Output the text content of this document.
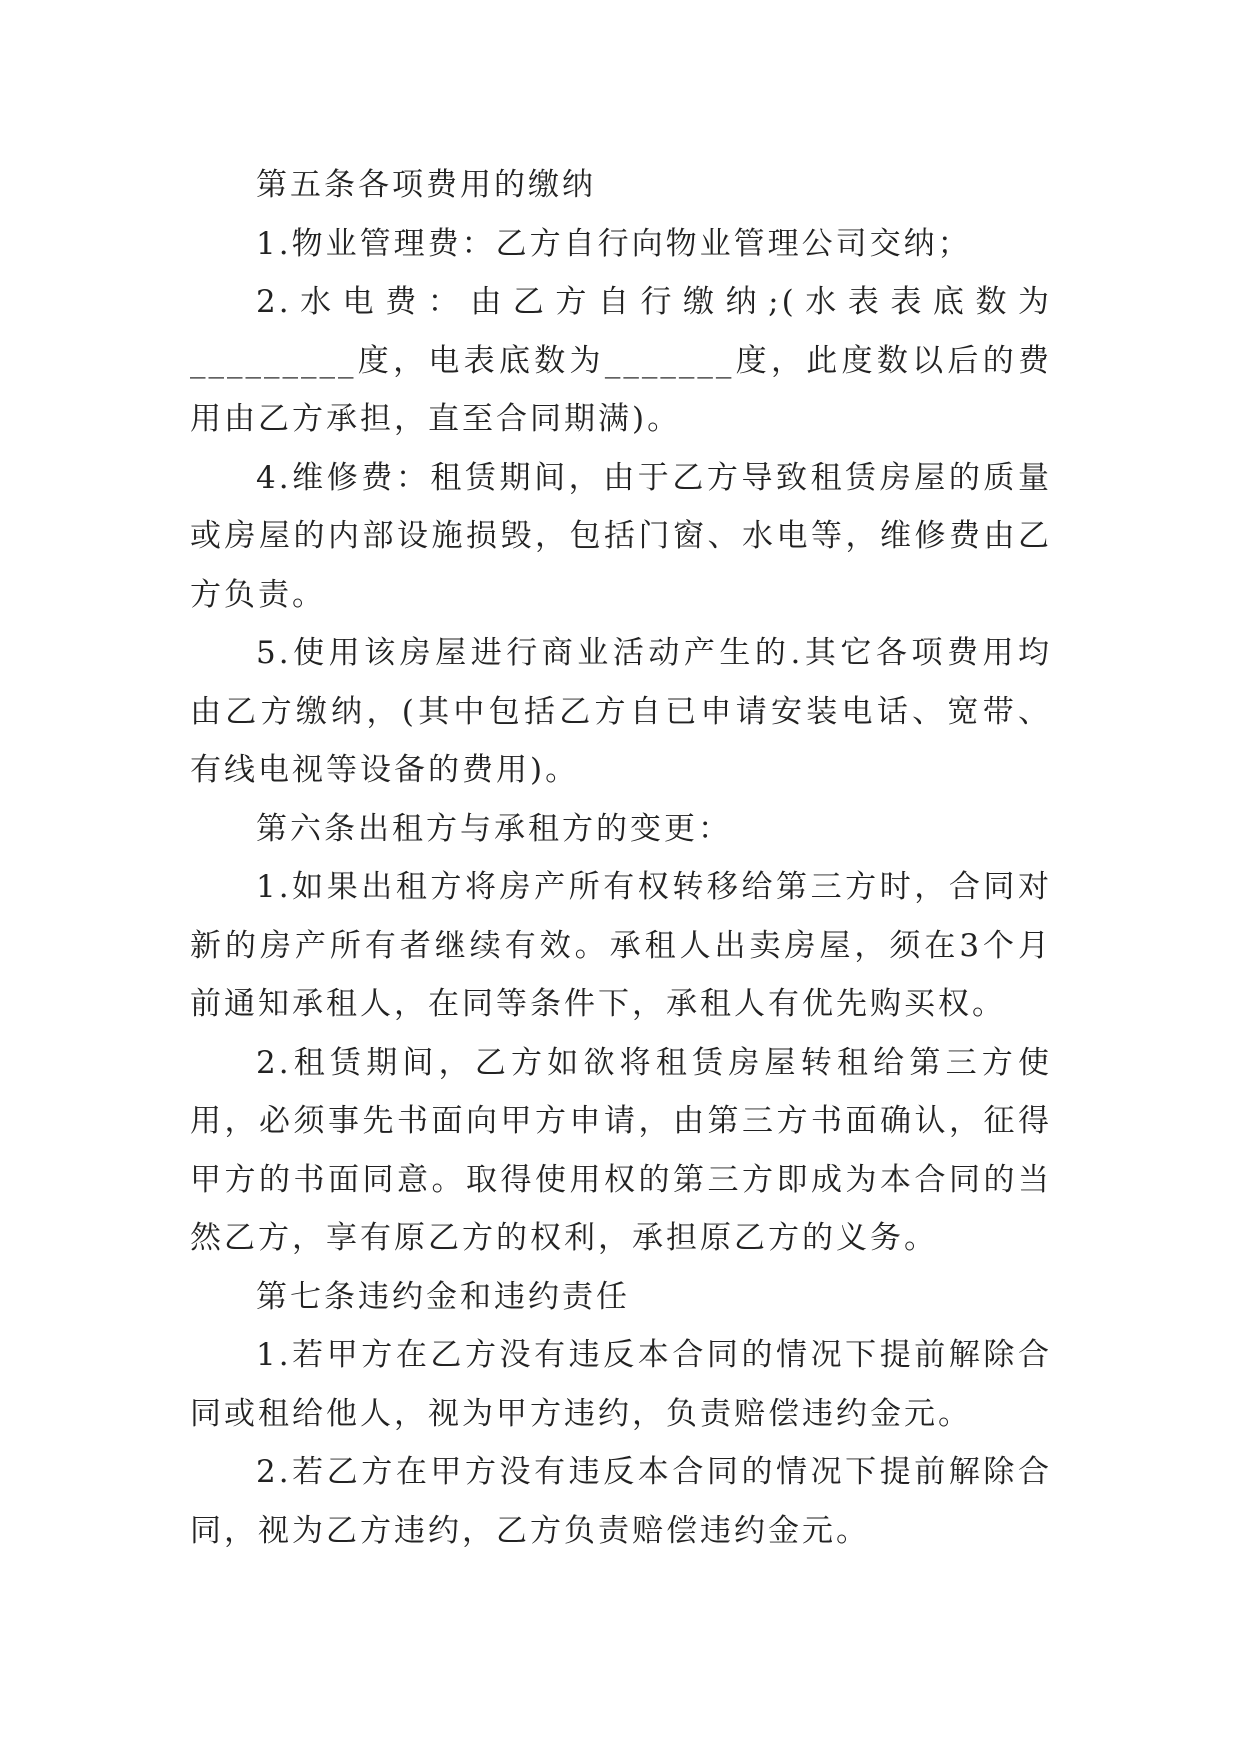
第五条各项费用的缴纳

1.物业管理费：乙方自行向物业管理公司交纳；

2.水电费：由乙方自行缴纳;(水表表底数为_________度，电表底数为_______度，此度数以后的费用由乙方承担，直至合同期满)。

4.维修费：租赁期间，由于乙方导致租赁房屋的质量或房屋的内部设施损毁，包括门窗、水电等，维修费由乙方负责。

5.使用该房屋进行商业活动产生的.其它各项费用均由乙方缴纳，(其中包括乙方自已申请安装电话、宽带、有线电视等设备的费用)。

第六条出租方与承租方的变更：

1.如果出租方将房产所有权转移给第三方时，合同对新的房产所有者继续有效。承租人出卖房屋，须在3个月前通知承租人，在同等条件下，承租人有优先购买权。

2.租赁期间，乙方如欲将租赁房屋转租给第三方使用，必须事先书面向甲方申请，由第三方书面确认，征得甲方的书面同意。取得使用权的第三方即成为本合同的当然乙方，享有原乙方的权利，承担原乙方的义务。

第七条违约金和违约责任

1.若甲方在乙方没有违反本合同的情况下提前解除合同或租给他人，视为甲方违约，负责赔偿违约金元。

2.若乙方在甲方没有违反本合同的情况下提前解除合同，视为乙方违约，乙方负责赔偿违约金元。
